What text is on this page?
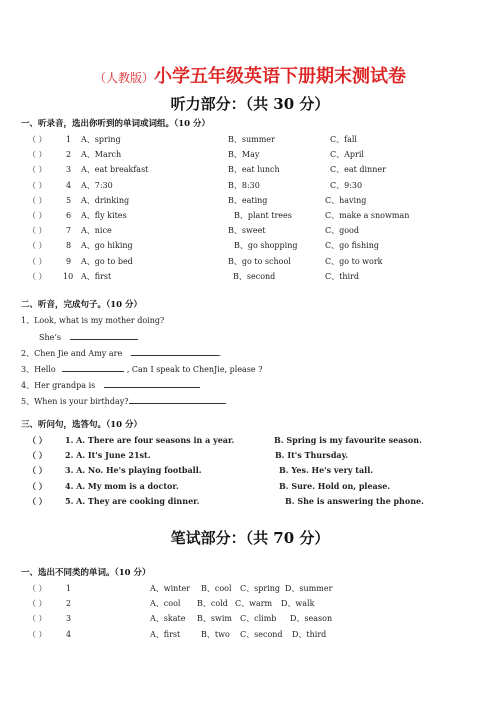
（人教版）小学五年级英语下册期末测试卷
听力部分：（共 30 分）
一、听录音，选出你听到的单词或词组。（10 分）
（ ） 1 A、spring	B、summer	C、fall
（ ） 2 A、March	B、May	C、April
（ ） 3 A、eat breakfast	B、eat lunch	C、eat dinner
（ ） 4 A、7:30	B、8:30	C、9:30
（ ） 5 A、drinking	B、eating	C、having
（ ） 6 A、fly kites	B、plant trees	C、make a snowman
（ ） 7 A、nice	B、sweet	C、good
（ ） 8 A、go hiking	B、go shopping	C、go fishing
（ ） 9 A、go to bed	B、go to school	C、go to work
（ ） 10 A、first	B、second	C、third
二、听音，完成句子。（10 分）
1、Look, what is my mother doing?
She’s
2、Chen Jie and Amy are	.
3、Hello	, Can I speak to ChenJie, please ?
4、Her grandpa is
5、When is your birthday?	.
三、听问句，选答句。（10 分）
（ ） 1. A. There are four seasons in a year.	B. Spring is my favourite season.
（ ） 2. A. It's June 21st.	B. It's Thursday.
（ ） 3. A. No. He's playing football.	B. Yes. He's very tall.
（ ） 4. A. My mom is a doctor.	B. Sure. Hold on, please.
（ ） 5. A. They are cooking dinner.	B. She is answering the phone.
笔试部分：（共 70 分）
一、选出不同类的单词。（10 分）
（ ） 1	A、winter B、cool C、spring D、summer
（ ） 2	A、cool B、cold C、warm D、walk
（ ） 3	A、skate B、swim C、climb D、season
（ ） 4	A、first	B、two C、second D、third
